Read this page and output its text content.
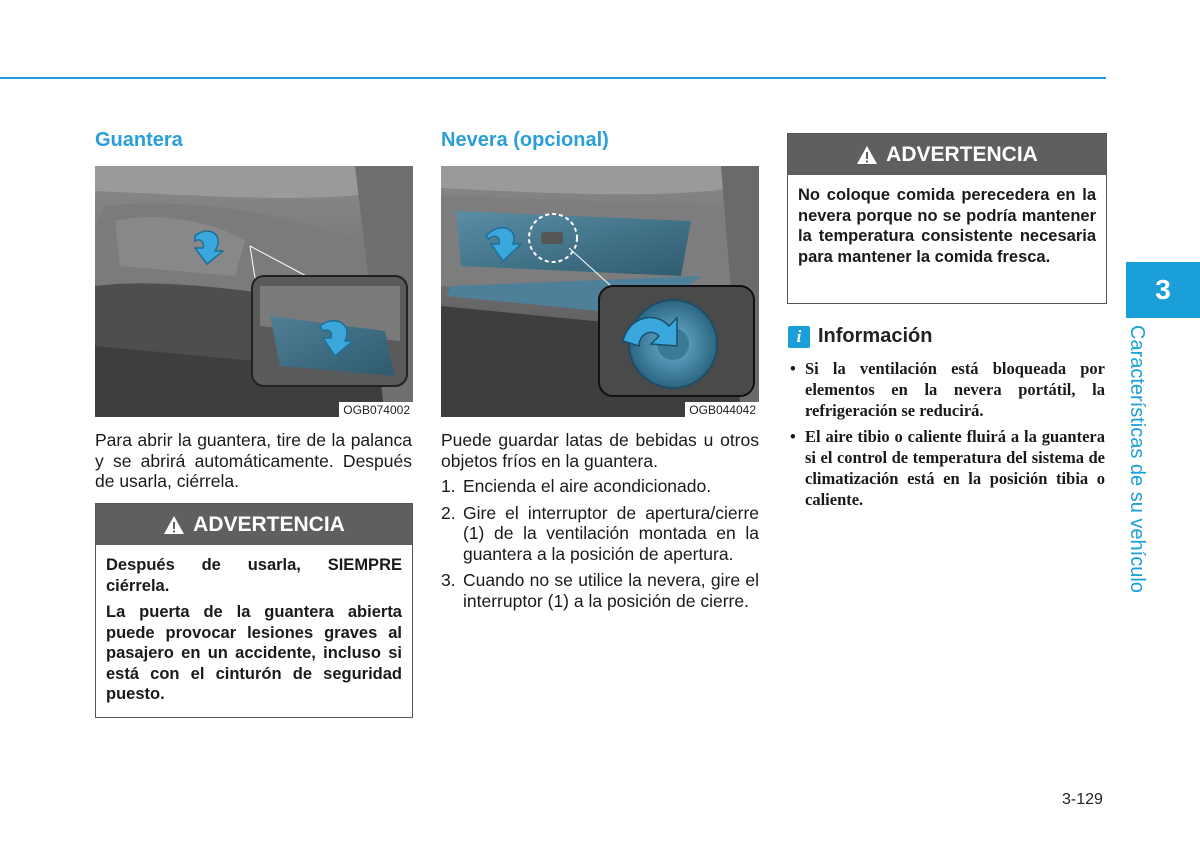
Guantera
OGB074002

Para abrir la guantera, tire de la palanca y se abrirá automáticamente. Después de usarla, ciérrela.

ADVERTENCIA

Después de usarla, SIEMPRE ciérrela.

La puerta de la guantera abierta puede provocar lesiones graves al pasajero en un accidente, incluso si está con el cinturón de seguridad puesto.

Nevera (opcional)
OGB044042

Puede guardar latas de bebidas u otros objetos fríos en la guantera.

1. Encienda el aire acondicionado.
2. Gire el interruptor de apertura/cierre (1) de la ventilación montada en la guantera a la posición de apertura.
3. Cuando no se utilice la nevera, gire el interruptor (1) a la posición de cierre.
ADVERTENCIA

No coloque comida perecedera en la nevera porque no se podría mantener la temperatura consistente necesaria para mantener la comida fresca.

i Información
• Si la ventilación está bloqueada por elementos en la nevera portátil, la refrigeración se reducirá.
• El aire tibio o caliente fluirá a la guantera si el control de temperatura del sistema de climatización está en la posición tibia o caliente.
3
Características de su vehículo
3-129
